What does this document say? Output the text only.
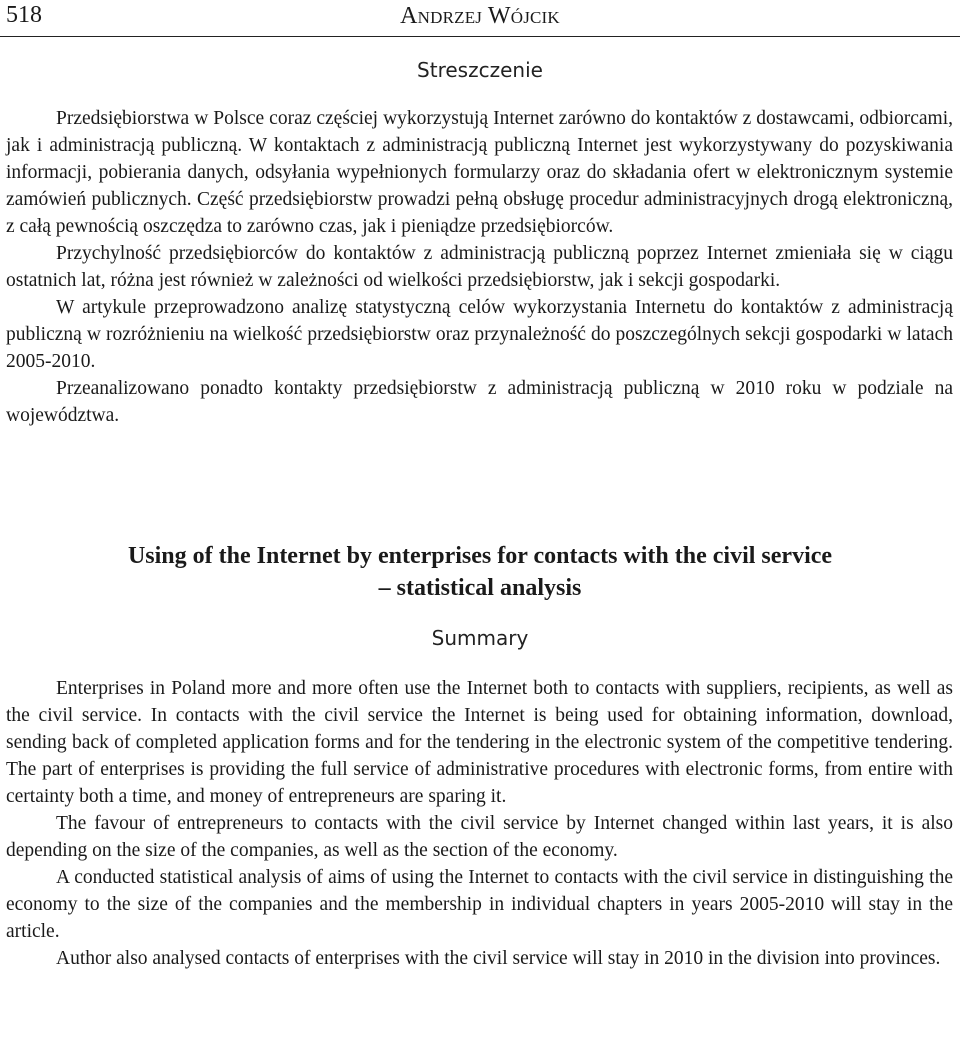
518	Andrzej Wójcik
Streszczenie

Przedsiębiorstwa w Polsce coraz częściej wykorzystują Internet zarówno do kontaktów z dostawcami, odbiorcami, jak i administracją publiczną. W kontaktach z administracją publiczną Internet jest wykorzystywany do pozyskiwania informacji, pobierania danych, odsyłania wypełnionych formularzy oraz do składania ofert w elektronicznym systemie zamówień publicznych. Część przedsiębiorstw prowadzi pełną obsługę procedur administracyjnych drogą elektroniczną, z całą pewnością oszczędza to zarówno czas, jak i pieniądze przedsiębiorców.

Przychylność przedsiębiorców do kontaktów z administracją publiczną poprzez Internet zmieniała się w ciągu ostatnich lat, różna jest również w zależności od wielkości przedsiębiorstw, jak i sekcji gospodarki.

W artykule przeprowadzono analizę statystyczną celów wykorzystania Internetu do kontaktów z administracją publiczną w rozróżnieniu na wielkość przedsiębiorstw oraz przynależność do poszczególnych sekcji gospodarki w latach 2005-2010.

Przeanalizowano ponadto kontakty przedsiębiorstw z administracją publiczną w 2010 roku w podziale na województwa.

Using of the Internet by enterprises for contacts with the civil service
– statistical analysis
Summary

Enterprises in Poland more and more often use the Internet both to contacts with suppliers, recipients, as well as the civil service. In contacts with the civil service the Internet is being used for obtaining information, download, sending back of completed application forms and for the tendering in the electronic system of the competitive tendering. The part of enterprises is providing the full service of administrative procedures with electronic forms, from entire with certainty both a time, and money of entrepreneurs are sparing it.

The favour of entrepreneurs to contacts with the civil service by Internet changed within last years, it is also depending on the size of the companies, as well as the section of the economy.

A conducted statistical analysis of aims of using the Internet to contacts with the civil service in distinguishing the economy to the size of the companies and the membership in individual chapters in years 2005-2010 will stay in the article.

Author also analysed contacts of enterprises with the civil service will stay in 2010 in the division into provinces.
